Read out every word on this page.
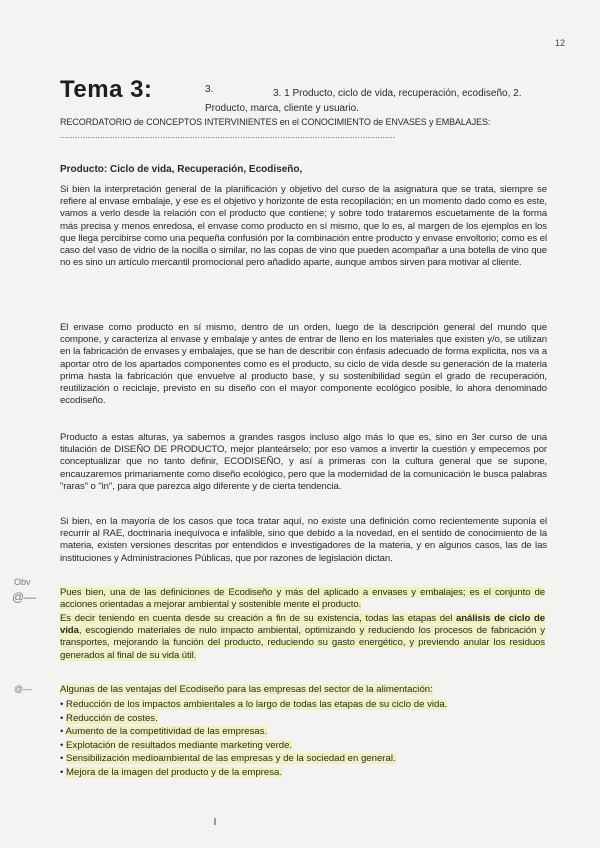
12
Tema 3:	3.	3. 1 Producto, ciclo de vida, recuperación, ecodiseño, 2. Producto, marca, cliente y usuario.
RECORDATORIO de CONCEPTOS INTERVINIENTES en el CONOCIMIENTO de ENVASES y EMBALAJES:
......................................................................................................................................
Producto: Ciclo de vida, Recuperación, Ecodiseño,
Si bien la interpretación general de la planificación y objetivo del curso de la asignatura que se trata, siempre se refiere al envase embalaje, y ese es el objetivo y horizonte de esta recopilación; en un momento dado como es este, vamos a verlo desde la relación con el producto que contiene; y sobre todo trataremos escuetamente de la forma más precisa y menos enredosa, el envase como producto en sí mismo, que lo es, al margen de los ejemplos en los que llega percibirse como una pequeña confusión por la combinación entre producto y envase envoltorio; como es el caso del vaso de vidrio de la nocilla o similar, no las copas de vino que pueden acompañar a una botella de vino que no es sino un artículo mercantil promocional pero añadido aparte, aunque ambos sirven para motivar al cliente.
El envase como producto en sí mismo, dentro de un orden, luego de la descripción general del mundo que compone, y caracteriza al envase y embalaje y antes de entrar de lleno en los materiales que existen y/o, se utilizan en la fabricación de envases y embalajes, que se han de describir con énfasis adecuado de forma explícita, nos va a aportar otro de los apartados componentes como es el producto, su ciclo de vida desde su generación de la materia prima hasta la fabricación que envuelve al producto base, y su sostenibilidad según el grado de recuperación, reutilización o reciclaje, previsto en su diseño con el mayor componente ecológico posible, lo ahora denominado ecodiseño.
Producto a estas alturas, ya sabemos a grandes rasgos incluso algo más lo que es, sino en 3er curso de una titulación de DISEÑO DE PRODUCTO, mejor planteárselo; por eso vamos a invertir la cuestión y empecemos por conceptualizar que no tanto definir, ECODISEÑO, y así a primeras con la cultura general que se supone, encauzaremos primariamente como diseño ecológico, pero que la modernidad de la comunicación le busca palabras "raras" o "in", para que parezca algo diferente y de cierta tendencia.
Si bien, en la mayoría de los casos que toca tratar aquí, no existe una definición como recientemente suponía el recurrir al RAE, doctrinaria inequívoca e infalible, sino que debido a la novedad, en el sentido de conocimiento de la materia, existen versiones descritas por entendidos e investigadores de la materia, y en algunos casos, las de las instituciones y Administraciones Públicas, que por razones de legislación dictan.
Obv
@— Pues bien, una de las definiciones de Ecodiseño y más del aplicado a envases y embalajes; es el conjunto de acciones orientadas a mejorar ambiental y sostenible mente el producto.
Es decir teniendo en cuenta desde su creación a fin de su existencia, todas las etapas del análisis de ciclo de vida, escogiendo materiales de nulo impacto ambiental, optimizando y reduciendo los procesos de fabricación y transportes, mejorando la función del producto, reduciendo su gasto energético, y previendo anular los residuos generados al final de su vida útil.
@—	Algunas de las ventajas del Ecodiseño para las empresas del sector de la alimentación:
• Reducción de los impactos ambientales a lo largo de todas las etapas de su ciclo de vida.
• Reducción de costes.
• Aumento de la competitividad de las empresas.
• Explotación de resultados mediante marketing verde.
• Sensibilización medioambiental de las empresas y de la sociedad en general.
• Mejora de la imagen del producto y de la empresa.
